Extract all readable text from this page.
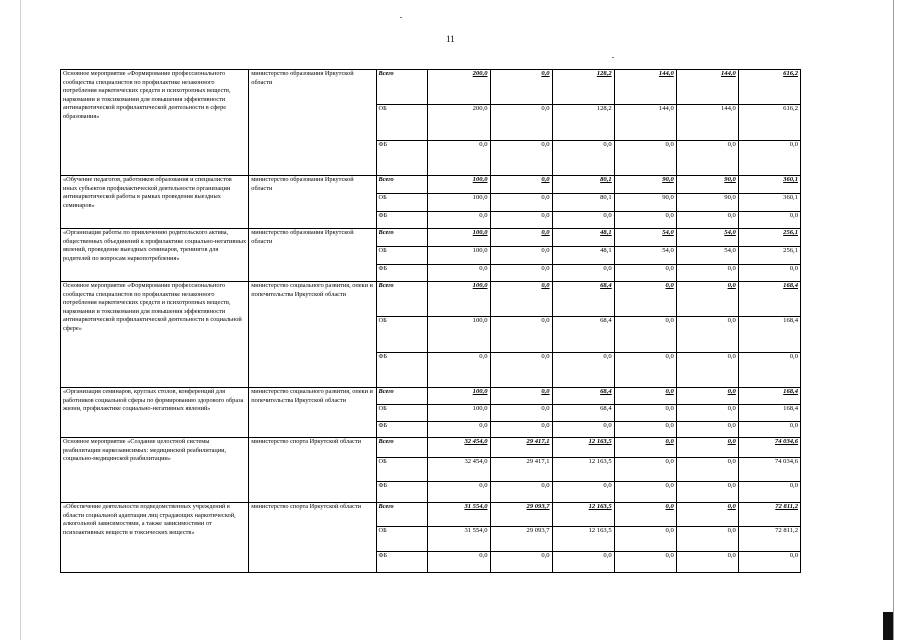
11
Основное мероприятие «Формирование профессионального сообщества специалистов по профилактике незаконного потребления наркотических средств и психотропных веществ, наркомании и токсикомании для повышения эффективности антинаркотической профилактической деятельности в сфере образования»	министерство образования Иркутской области	Всего	200,0	0,0	128,2	144,0	144,0	616,2
		ОБ	200,0	0,0	128,2	144,0	144,0	616,2
		ФБ	0,0	0,0	0,0	0,0	0,0	0,0
«Обучение педагогов, работников образования и специалистов иных субъектов профилактической деятельности организации антинаркотической работы в рамках проведения выездных семинаров»	министерство образования Иркутской области	Всего	100,0	0,0	80,1	90,0	90,0	360,1
		ОБ	100,0	0,0	80,1	90,0	90,0	360,1
		ФБ	0,0	0,0	0,0	0,0	0,0	0,0
«Организация работы по привлечению родительского актива, общественных объединений к профилактике социально-негативных явлений, проведение выездных семинаров, тренингов для родителей по вопросам наркопотребления»	министерство образования Иркутской области	Всего	100,0	0,0	48,1	54,0	54,0	256,1
		ОБ	100,0	0,0	48,1	54,0	54,0	256,1
		ФБ	0,0	0,0	0,0	0,0	0,0	0,0
Основное мероприятие «Формирование профессионального сообщества специалистов по профилактике незаконного потребления наркотических средств и психотропных веществ, наркомании и токсикомании для повышения эффективности антинаркотической профилактической деятельности в социальной сфере»	министерство социального развития, опеки и попечительства Иркутской области	Всего	100,0	0,0	68,4	0,0	0,0	168,4
		ОБ	100,0	0,0	68,4	0,0	0,0	168,4
		ФБ	0,0	0,0	0,0	0,0	0,0	0,0
«Организация семинаров, круглых столов, конференций для работников социальной сферы по формированию здорового образа жизни, профилактике социально-негативных явлений»	министерство социального развития, опеки и попечительства Иркутской области	Всего	100,0	0,0	68,4	0,0	0,0	168,4
		ОБ	100,0	0,0	68,4	0,0	0,0	168,4
		ФБ	0,0	0,0	0,0	0,0	0,0	0,0
Основное мероприятие «Создание целостной системы реабилитации наркозависимых: медицинской реабилитации, социально-медицинской реабилитации»	министерство спорта Иркутской области	Всего	32 454,0	29 417,1	12 163,5	0,0	0,0	74 034,6
		ОБ	32 454,0	29 417,1	12 163,5	0,0	0,0	74 034,6
		ФБ	0,0	0,0	0,0	0,0	0,0	0,0
«Обеспечение деятельности подведомственных учреждений в области социальной адаптации лиц страдающих наркотической, алкогольной зависимостями, а также зависимостями от психоактивных веществ и токсических веществ»	министерство спорта Иркутской области	Всего	31 554,0	29 093,7	12 163,5	0,0	0,0	72 811,2
		ОБ	31 554,0	29 093,7	12 163,5	0,0	0,0	72 811,2
		ФБ	0,0	0,0	0,0	0,0	0,0	0,0
